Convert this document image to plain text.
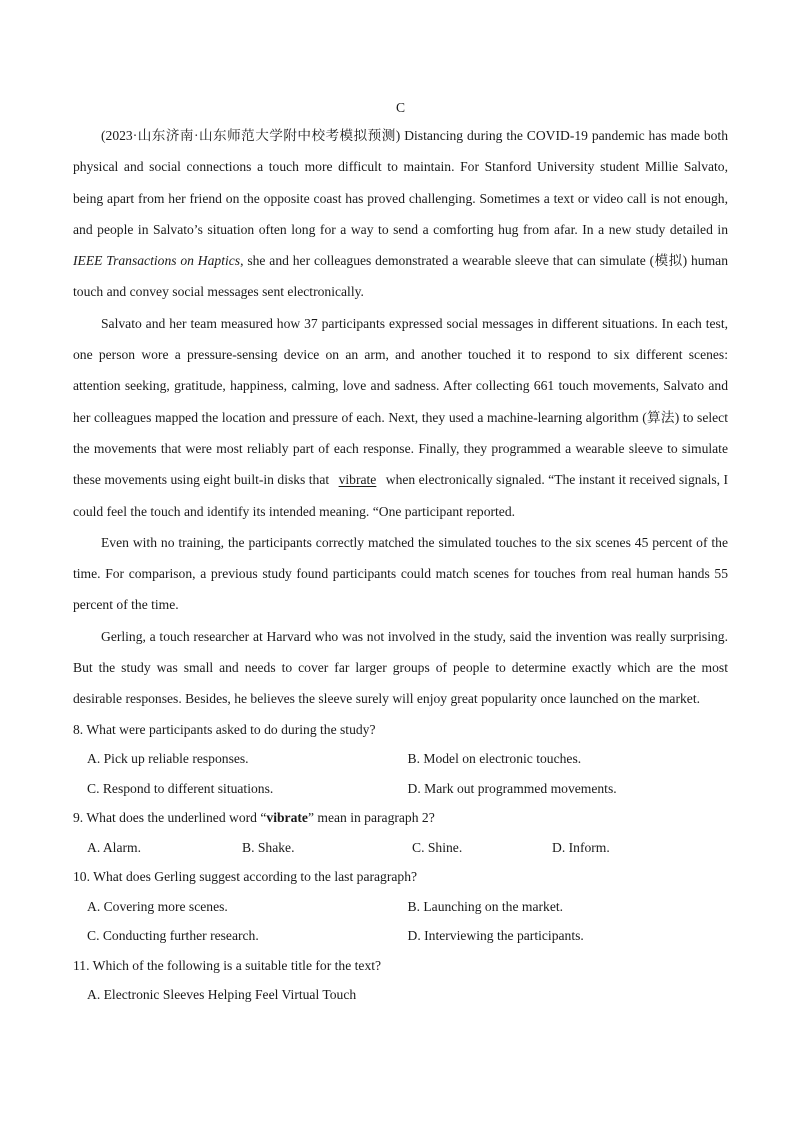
C

(2023·山东济南·山东师范大学附中校考模拟预测) Distancing during the COVID-19 pandemic has made both physical and social connections a touch more difficult to maintain. For Stanford University student Millie Salvato, being apart from her friend on the opposite coast has proved challenging. Sometimes a text or video call is not enough, and people in Salvato’s situation often long for a way to send a comforting hug from afar. In a new study detailed in IEEE Transactions on Haptics, she and her colleagues demonstrated a wearable sleeve that can simulate (模拟) human touch and convey social messages sent electronically.

Salvato and her team measured how 37 participants expressed social messages in different situations. In each test, one person wore a pressure-sensing device on an arm, and another touched it to respond to six different scenes: attention seeking, gratitude, happiness, calming, love and sadness. After collecting 661 touch movements, Salvato and her colleagues mapped the location and pressure of each. Next, they used a machine-learning algorithm (算法) to select the movements that were most reliably part of each response. Finally, they programmed a wearable sleeve to simulate these movements using eight built-in disks that vibrate when electronically signaled. “The instant it received signals, I could feel the touch and identify its intended meaning. “One participant reported.

Even with no training, the participants correctly matched the simulated touches to the six scenes 45 percent of the time. For comparison, a previous study found participants could match scenes for touches from real human hands 55 percent of the time.

Gerling, a touch researcher at Harvard who was not involved in the study, said the invention was really surprising. But the study was small and needs to cover far larger groups of people to determine exactly which are the most desirable responses. Besides, he believes the sleeve surely will enjoy great popularity once launched on the market.

8. What were participants asked to do during the study?

A. Pick up reliable responses.	B. Model on electronic touches.
C. Respond to different situations.	D. Mark out programmed movements.

9. What does the underlined word “vibrate” mean in paragraph 2?

A. Alarm.	B. Shake.	C. Shine.	D. Inform.

10. What does Gerling suggest according to the last paragraph?

A. Covering more scenes.	B. Launching on the market.
C. Conducting further research.	D. Interviewing the participants.

11. Which of the following is a suitable title for the text?

A. Electronic Sleeves Helping Feel Virtual Touch
